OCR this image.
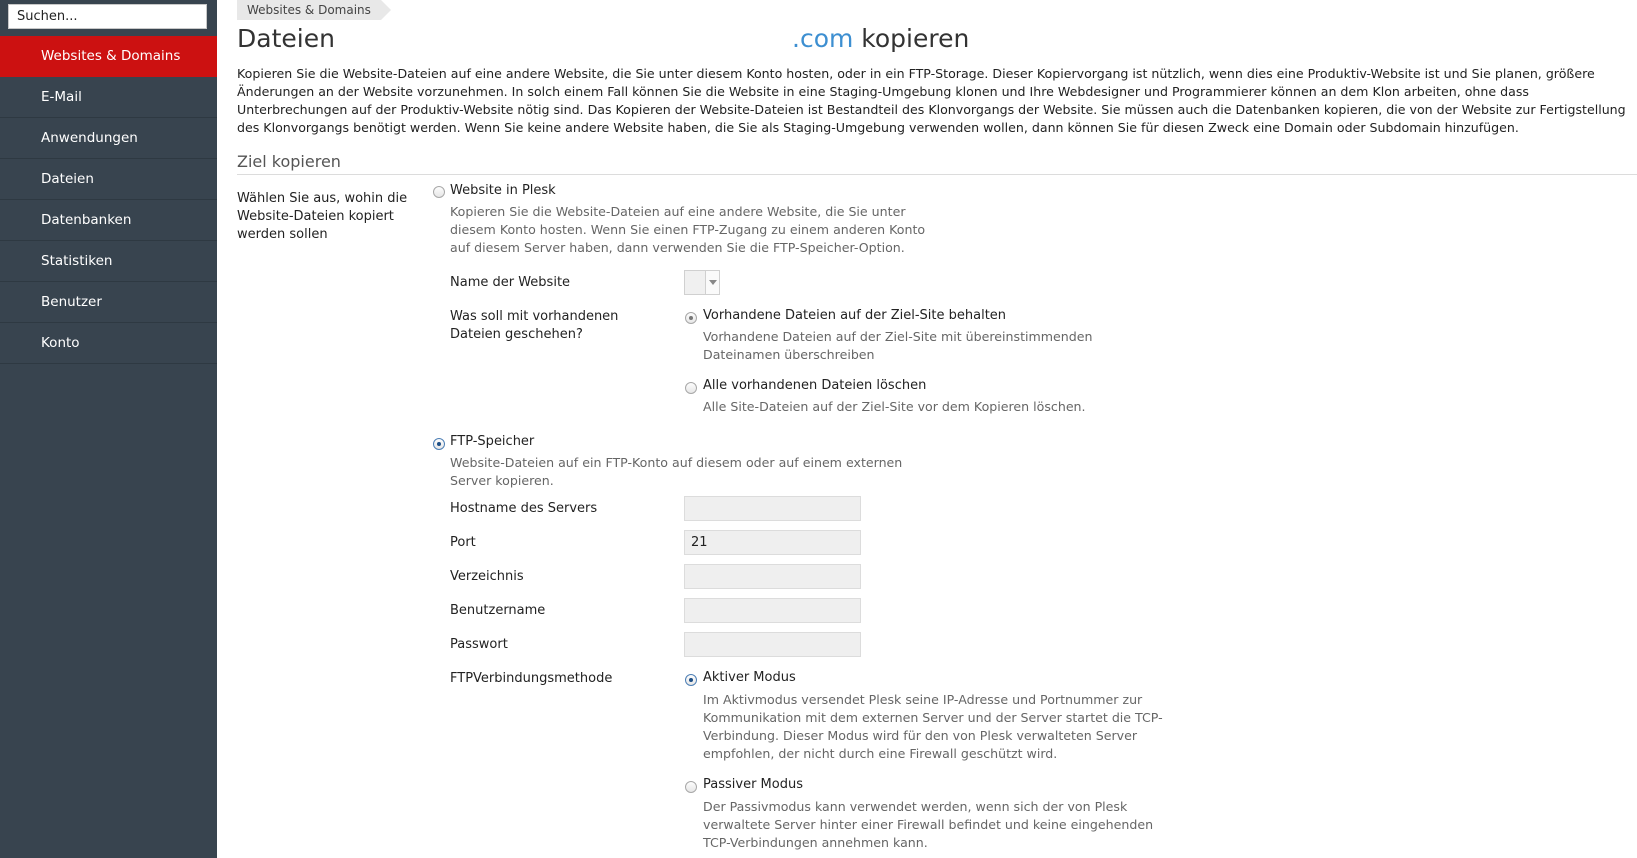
Suchen...
Websites & Domains
E-Mail
Anwendungen
Dateien
Datenbanken
Statistiken
Benutzer
Konto
Websites & Domains
Dateien	.com kopieren

Kopieren Sie die Website-Dateien auf eine andere Website, die Sie unter diesem Konto hosten, oder in ein FTP-Storage. Dieser Kopiervorgang ist nützlich, wenn dies eine Produktiv-Website ist und Sie planen, größere Änderungen an der Website vorzunehmen. In solch einem Fall können Sie die Website in eine Staging-Umgebung klonen und Ihre Webdesigner und Programmierer können an dem Klon arbeiten, ohne dass Unterbrechungen auf der Produktiv-Website nötig sind. Das Kopieren der Website-Dateien ist Bestandteil des Klonvorgangs der Website. Sie müssen auch die Datenbanken kopieren, die von der Website zur Fertigstellung des Klonvorgangs benötigt werden. Wenn Sie keine andere Website haben, die Sie als Staging-Umgebung verwenden wollen, dann können Sie für diesen Zweck eine Domain oder Subdomain hinzufügen.

Ziel kopieren
Wählen Sie aus, wohin die Website-Dateien kopiert werden sollen
Website in Plesk
Kopieren Sie die Website-Dateien auf eine andere Website, die Sie unter diesem Konto hosten. Wenn Sie einen FTP-Zugang zu einem anderen Konto auf diesem Server haben, dann verwenden Sie die FTP-Speicher-Option.
Name der Website
Was soll mit vorhandenen Dateien geschehen?
Vorhandene Dateien auf der Ziel-Site behalten
Vorhandene Dateien auf der Ziel-Site mit übereinstimmenden Dateinamen überschreiben
Alle vorhandenen Dateien löschen
Alle Site-Dateien auf der Ziel-Site vor dem Kopieren löschen.
FTP-Speicher
Website-Dateien auf ein FTP-Konto auf diesem oder auf einem externen Server kopieren.
Hostname des Servers
Port
21
Verzeichnis
Benutzername
Passwort
FTPVerbindungsmethode	Aktiver Modus
Im Aktivmodus versendet Plesk seine IP-Adresse und Portnummer zur Kommunikation mit dem externen Server und der Server startet die TCP-Verbindung. Dieser Modus wird für den von Plesk verwalteten Server empfohlen, der nicht durch eine Firewall geschützt wird.
Passiver Modus
Der Passivmodus kann verwendet werden, wenn sich der von Plesk verwaltete Server hinter einer Firewall befindet und keine eingehenden TCP-Verbindungen annehmen kann.
